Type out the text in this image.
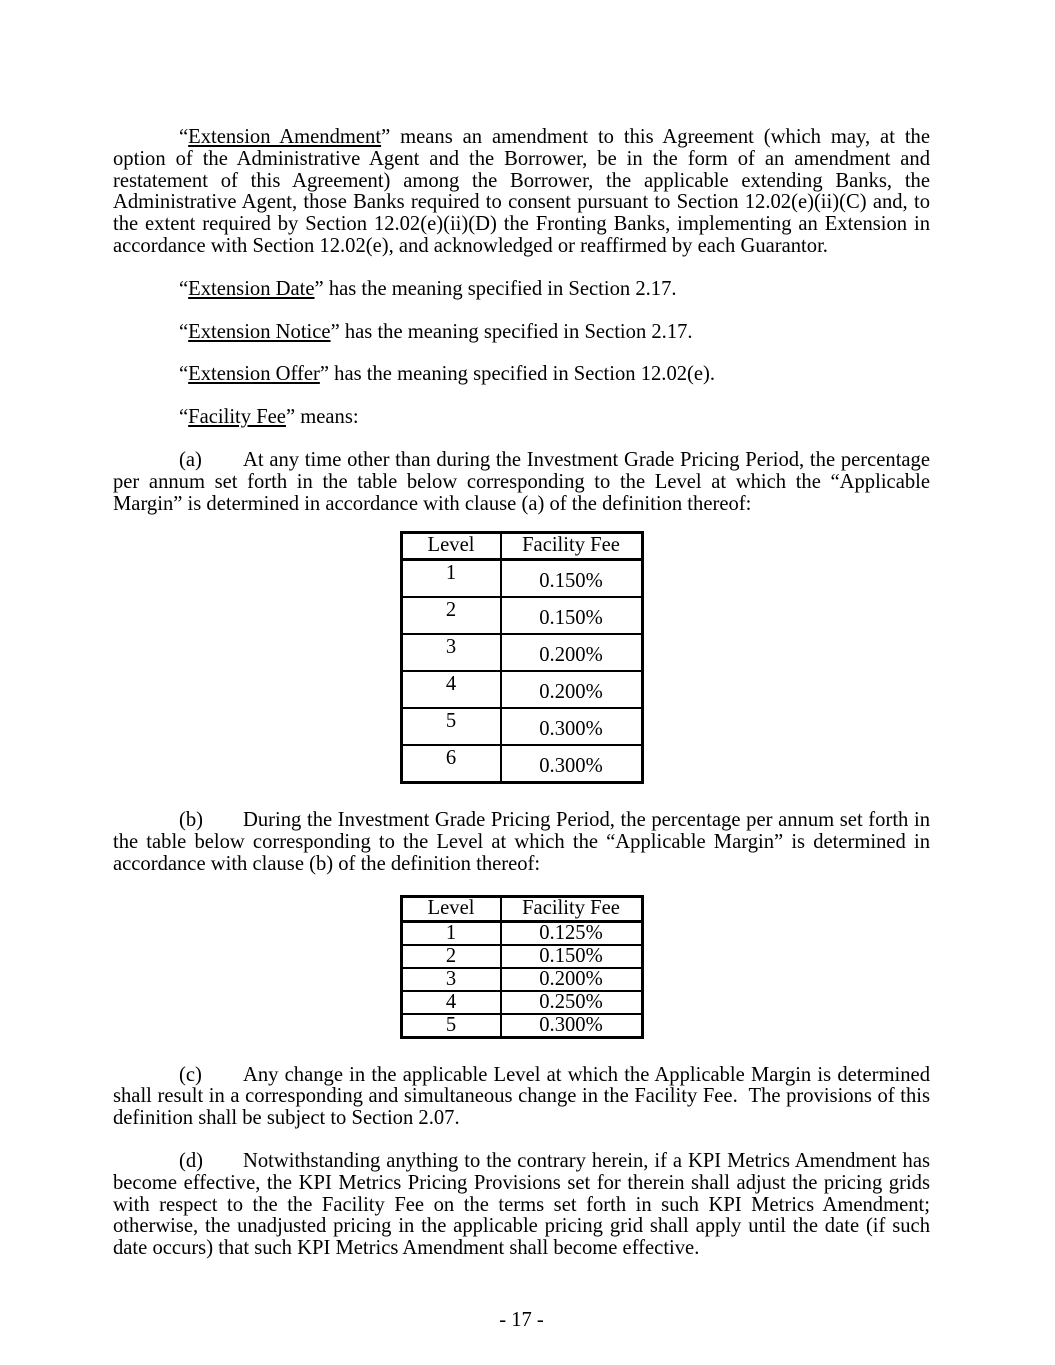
“Extension Amendment” means an amendment to this Agreement (which may, at the option of the Administrative Agent and the Borrower, be in the form of an amendment and restatement of this Agreement) among the Borrower, the applicable extending Banks, the Administrative Agent, those Banks required to consent pursuant to Section 12.02(e)(ii)(C) and, to the extent required by Section 12.02(e)(ii)(D) the Fronting Banks, implementing an Extension in accordance with Section 12.02(e), and acknowledged or reaffirmed by each Guarantor.

“Extension Date” has the meaning specified in Section 2.17.

“Extension Notice” has the meaning specified in Section 2.17.

“Extension Offer” has the meaning specified in Section 12.02(e).

“Facility Fee” means:

(a) At any time other than during the Investment Grade Pricing Period, the percentage per annum set forth in the table below corresponding to the Level at which the “Applicable Margin” is determined in accordance with clause (a) of the definition thereof:

Level	Facility Fee
1	0.150%
2	0.150%
3	0.200%
4	0.200%
5	0.300%
6	0.300%

(b) During the Investment Grade Pricing Period, the percentage per annum set forth in the table below corresponding to the Level at which the “Applicable Margin” is determined in accordance with clause (b) of the definition thereof:

Level	Facility Fee
1	0.125%
2	0.150%
3	0.200%
4	0.250%
5	0.300%

(c) Any change in the applicable Level at which the Applicable Margin is determined shall result in a corresponding and simultaneous change in the Facility Fee.  The provisions of this definition shall be subject to Section 2.07.

(d) Notwithstanding anything to the contrary herein, if a KPI Metrics Amendment has become effective, the KPI Metrics Pricing Provisions set for therein shall adjust the pricing grids with respect to the the Facility Fee on the terms set forth in such KPI Metrics Amendment; otherwise, the unadjusted pricing in the applicable pricing grid shall apply until the date (if such date occurs) that such KPI Metrics Amendment shall become effective.

- 17 -
